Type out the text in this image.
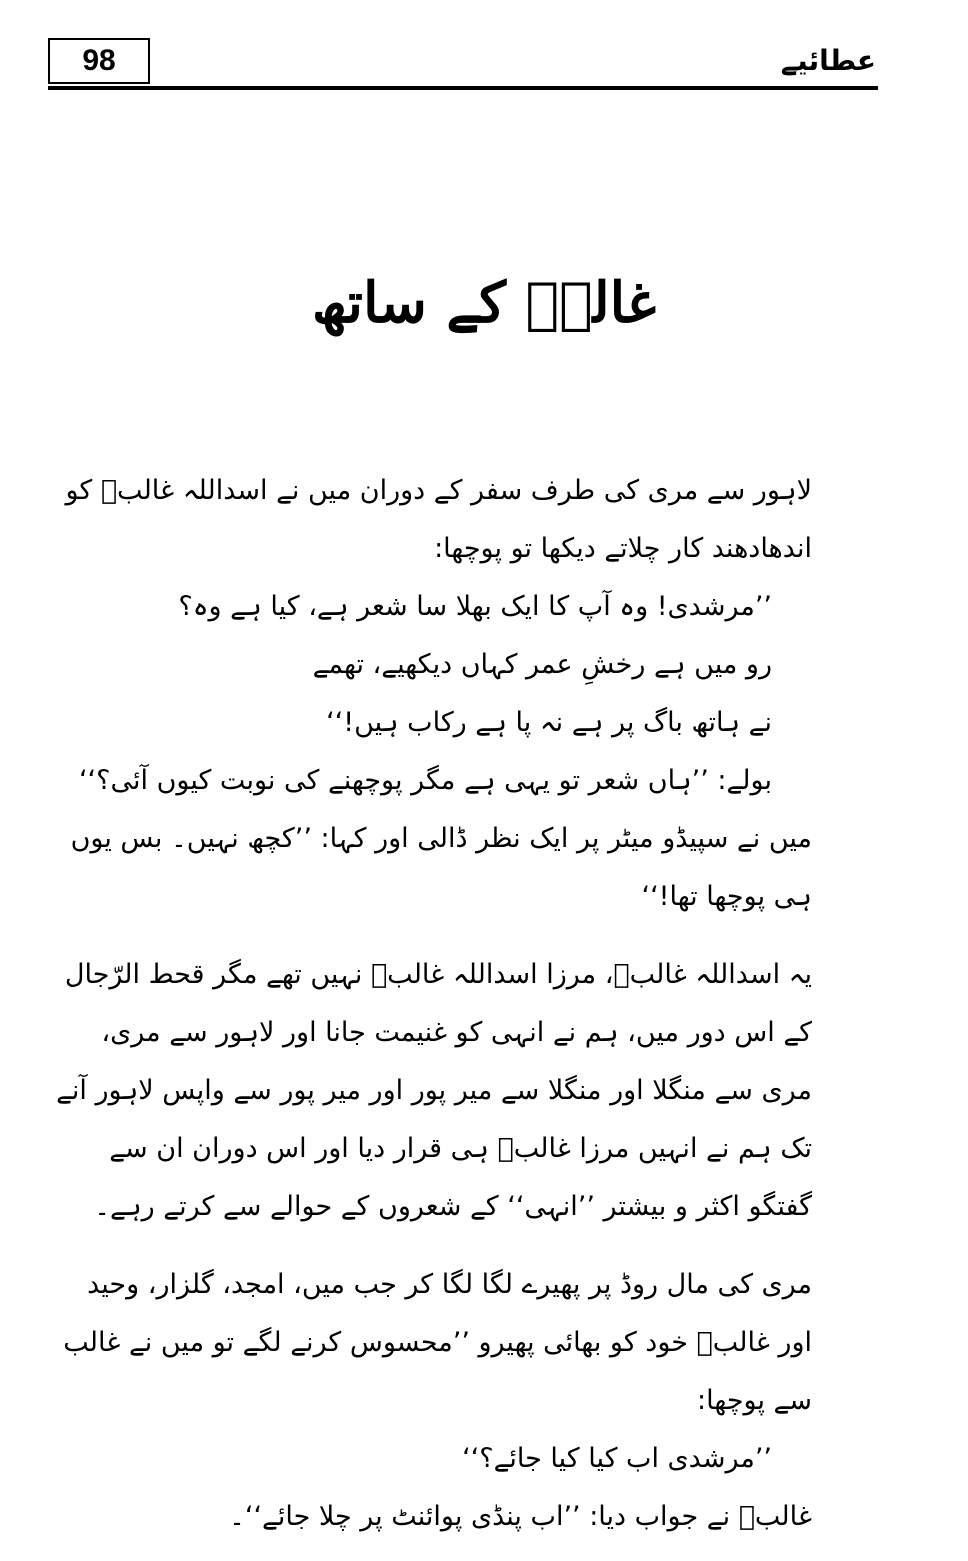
98	عطائیے
غالبؔ کے ساتھ

لاہور سے مری کی طرف سفر کے دوران میں نے اسداللہ غالبؔ کو اندھادھند کار چلاتے دیکھا تو پوچھا:

’’مرشدی! وہ آپ کا ایک بھلا سا شعر ہے، کیا ہے وہ؟

رو میں ہے رخشِ عمر کہاں دیکھیے، تھمے

نے ہاتھ باگ پر ہے نہ پا ہے رکاب ہیں!‘‘

بولے: ’’ہاں شعر تو یہی ہے مگر پوچھنے کی نوبت کیوں آئی؟‘‘

میں نے سپیڈو میٹر پر ایک نظر ڈالی اور کہا: ’’کچھ نہیں۔ بس یوں ہی پوچھا تھا!‘‘

یہ اسداللہ غالبؔ، مرزا اسداللہ غالبؔ نہیں تھے مگر قحط الرّجال کے اس دور میں، ہم نے انہی کو غنیمت جانا اور لاہور سے مری، مری سے منگلا اور منگلا سے میر پور اور میر پور سے واپس لاہور آنے تک ہم نے انہیں مرزا غالبؔ ہی قرار دیا اور اس دوران ان سے گفتگو اکثر و بیشتر ’’انہی‘‘ کے شعروں کے حوالے سے کرتے رہے۔

مری کی مال روڈ پر پھیرے لگا لگا کر جب میں، امجد، گلزار، وحید اور غالبؔ خود کو بھائی پھیرو ’’محسوس کرنے لگے تو میں نے غالب سے پوچھا:

’’مرشدی اب کیا کیا جائے؟‘‘

غالبؔ نے جواب دیا: ’’اب پنڈی پوائنٹ پر چلا جائے‘‘۔
